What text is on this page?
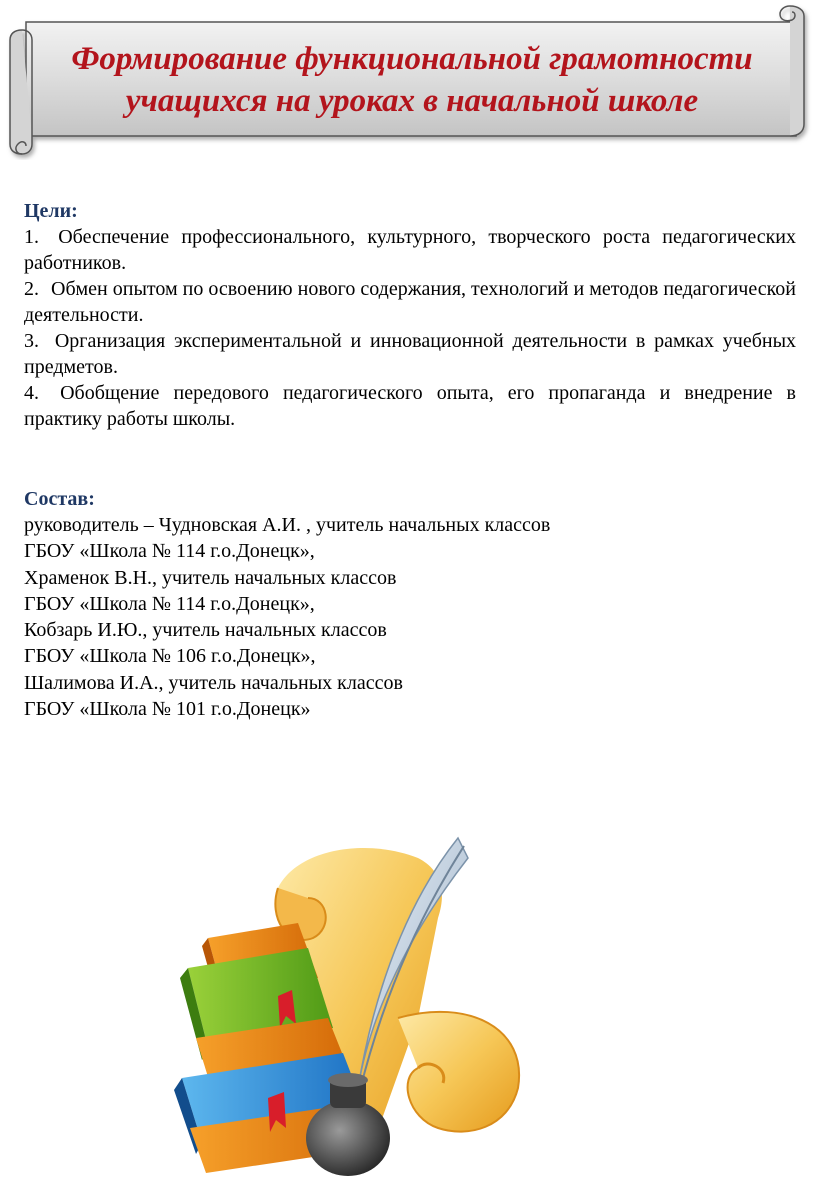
Формирование функциональной грамотности
учащихся на уроках в начальной школе

Цели:

1. Обеспечение профессионального, культурного, творческого роста педагогических работников.
2. Обмен опытом по освоению нового содержания, технологий и методов педагогической деятельности.
3. Организация экспериментальной и инновационной деятельности в рамках учебных предметов.
4. Обобщение передового педагогического опыта, его пропаганда и внедрение в практику работы школы.

Состав:

руководитель – Чудновская А.И. , учитель начальных классов
ГБОУ «Школа № 114 г.о.Донецк»,
Храменок В.Н., учитель начальных классов
ГБОУ «Школа № 114 г.о.Донецк»,
Кобзарь И.Ю., учитель начальных классов
ГБОУ «Школа № 106 г.о.Донецк»,
Шалимова И.А., учитель начальных классов
ГБОУ «Школа № 101 г.о.Донецк»
